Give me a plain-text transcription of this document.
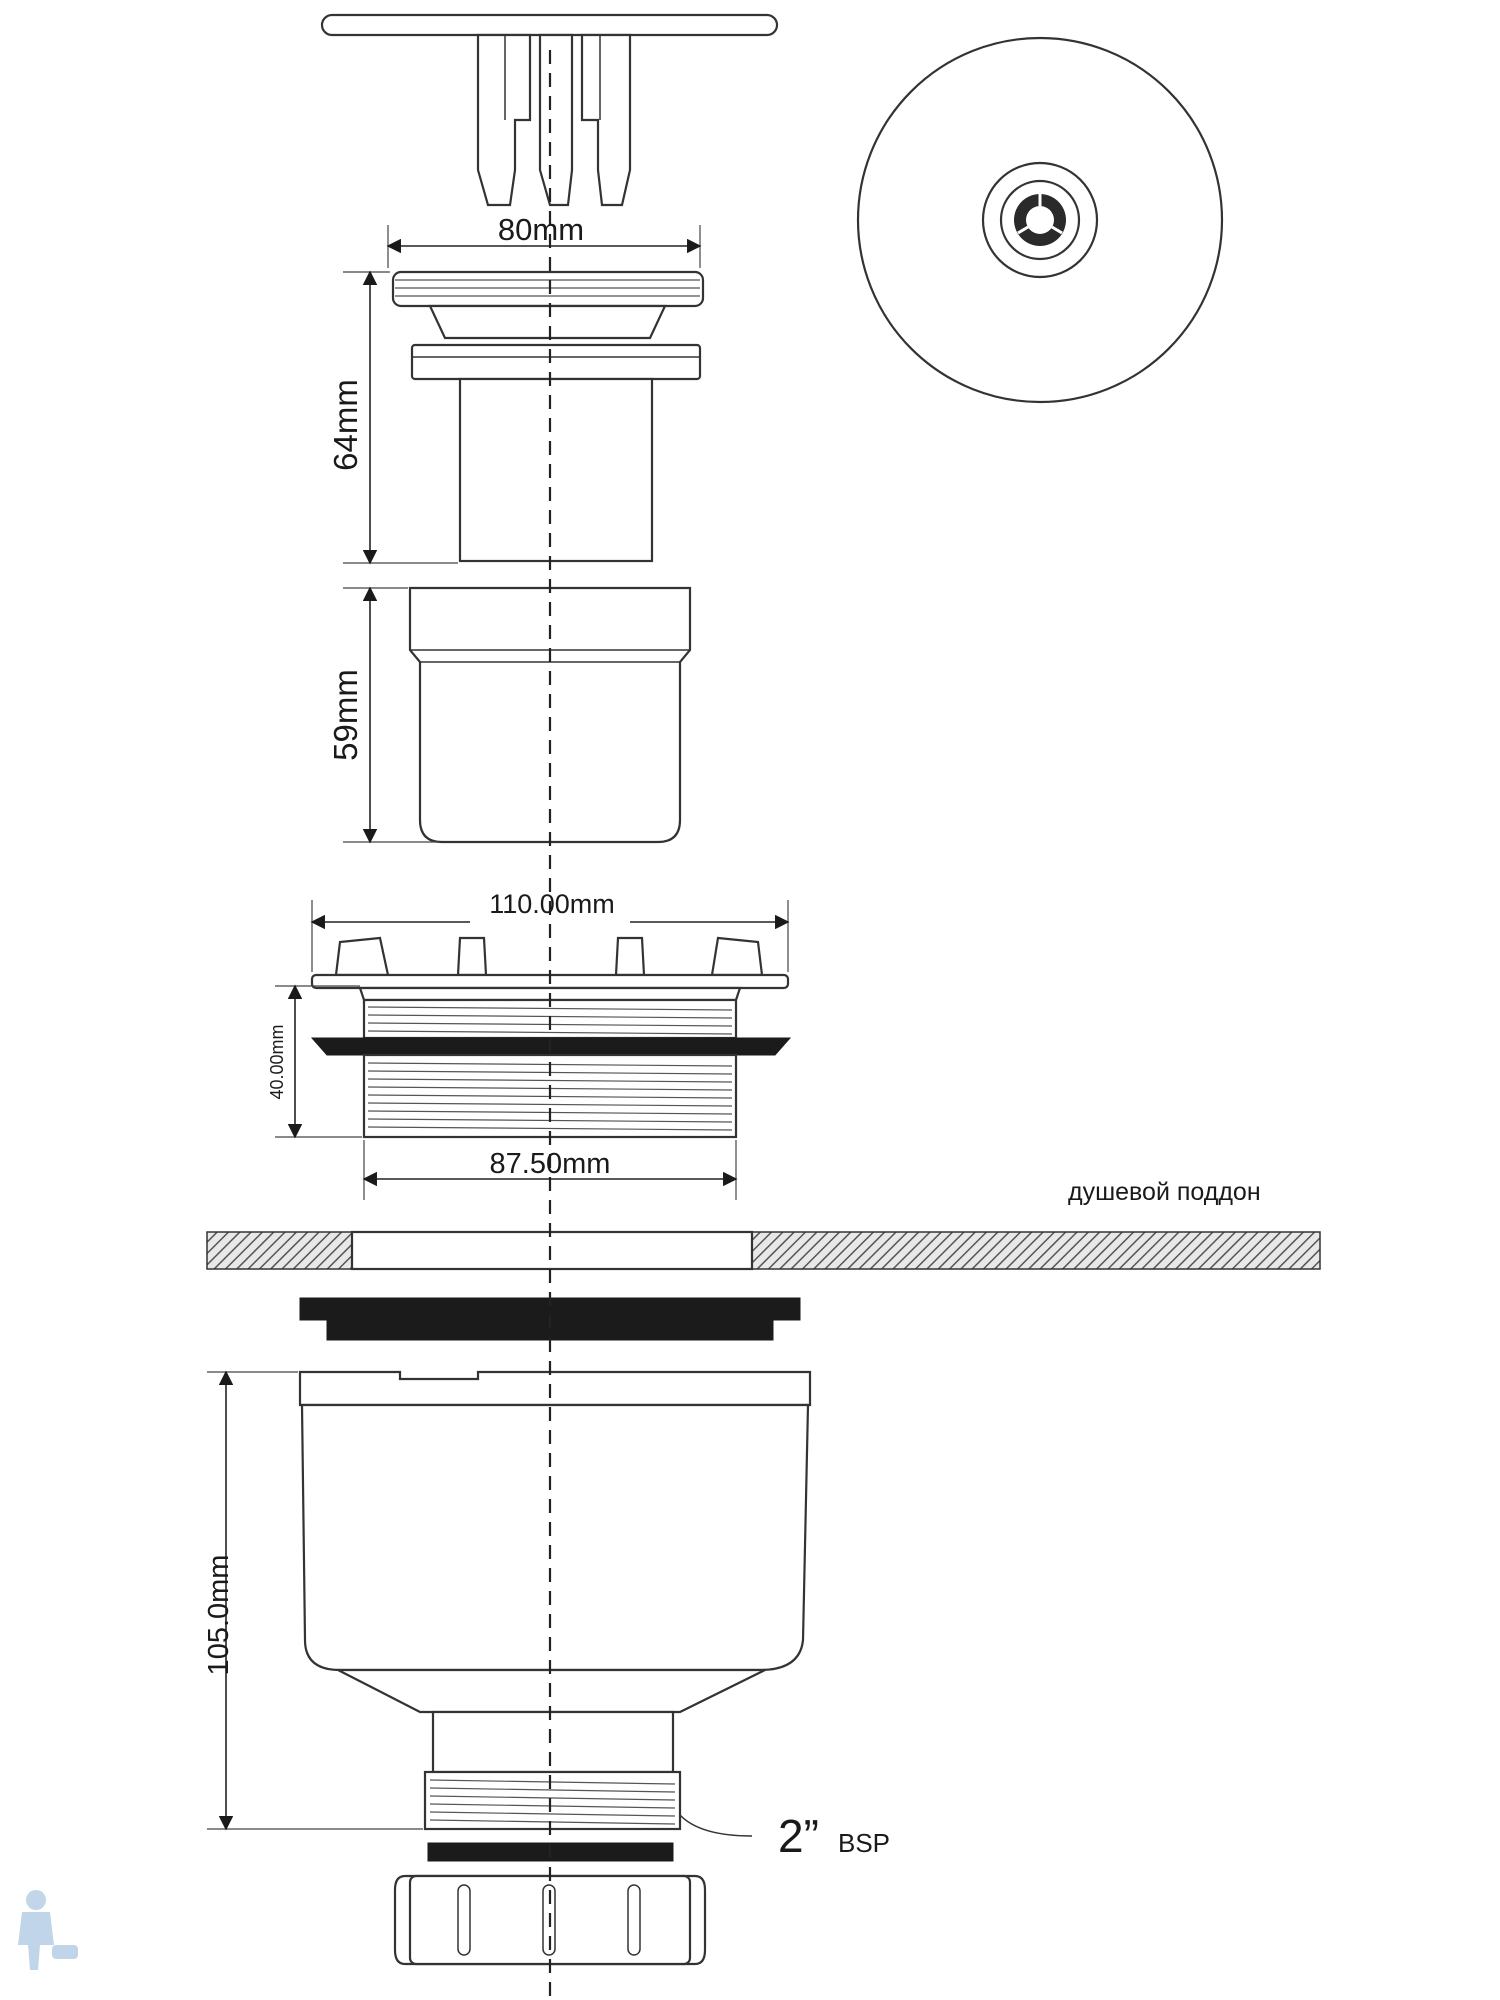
80mm
64mm
59mm
110.00mm
40.00mm
87.50mm
душевой поддон
105.0mm
2” BSP
